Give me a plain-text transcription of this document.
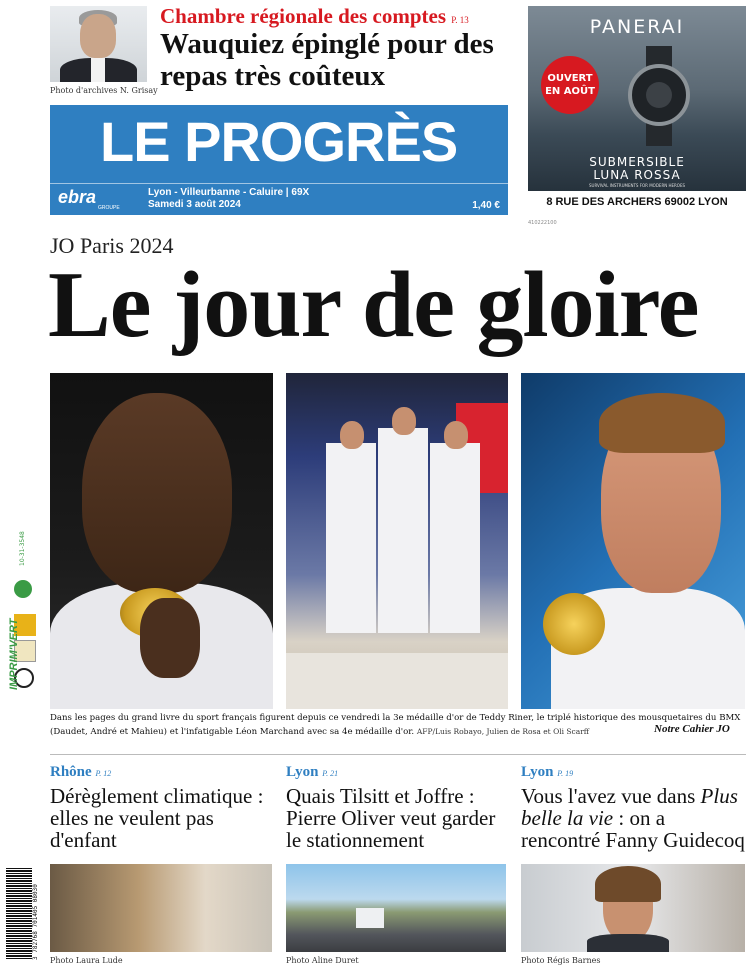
Photo d'archives N. Grisay
Chambre régionale des comptes P. 13
Wauquiez épinglé pour des repas très coûteux
PANERAI
OUVERT EN AOÛT
SUBMERSIBLE
LUNA ROSSA
SURVIVAL INSTRUMENTS FOR MODERN HEROES
8 RUE DES ARCHERS 69002 LYON
410222100
LE PROGRÈS
ebra
GROUPE
Lyon - Villeurbanne - Caluire | 69X
Samedi 3 août 2024	1,40 €
JO Paris 2024
Le jour de gloire
Dans les pages du grand livre du sport français figurent depuis ce vendredi la 3e médaille d'or de Teddy Riner, le triplé historique des mousquetaires du BMX (Daudet, André et Mahieu) et l'infatigable Léon Marchand avec sa 4e médaille d'or. AFP/Luis Robayo, Julien de Rosa et Oli Scarff	Notre Cahier JO
Rhône P. 12
Dérèglement climatique : elles ne veulent pas d'enfant
Photo Laura Lude
Lyon P. 21
Quais Tilsitt et Joffre : Pierre Oliver veut garder le stationnement
Photo Aline Duret
Lyon P. 19
Vous l'avez vue dans Plus belle la vie : on a rencontré Fanny Guidecoq
Photo Régis Barnes
10-31-3548
IMPRIM'VERT
3 782768 701405 08030
